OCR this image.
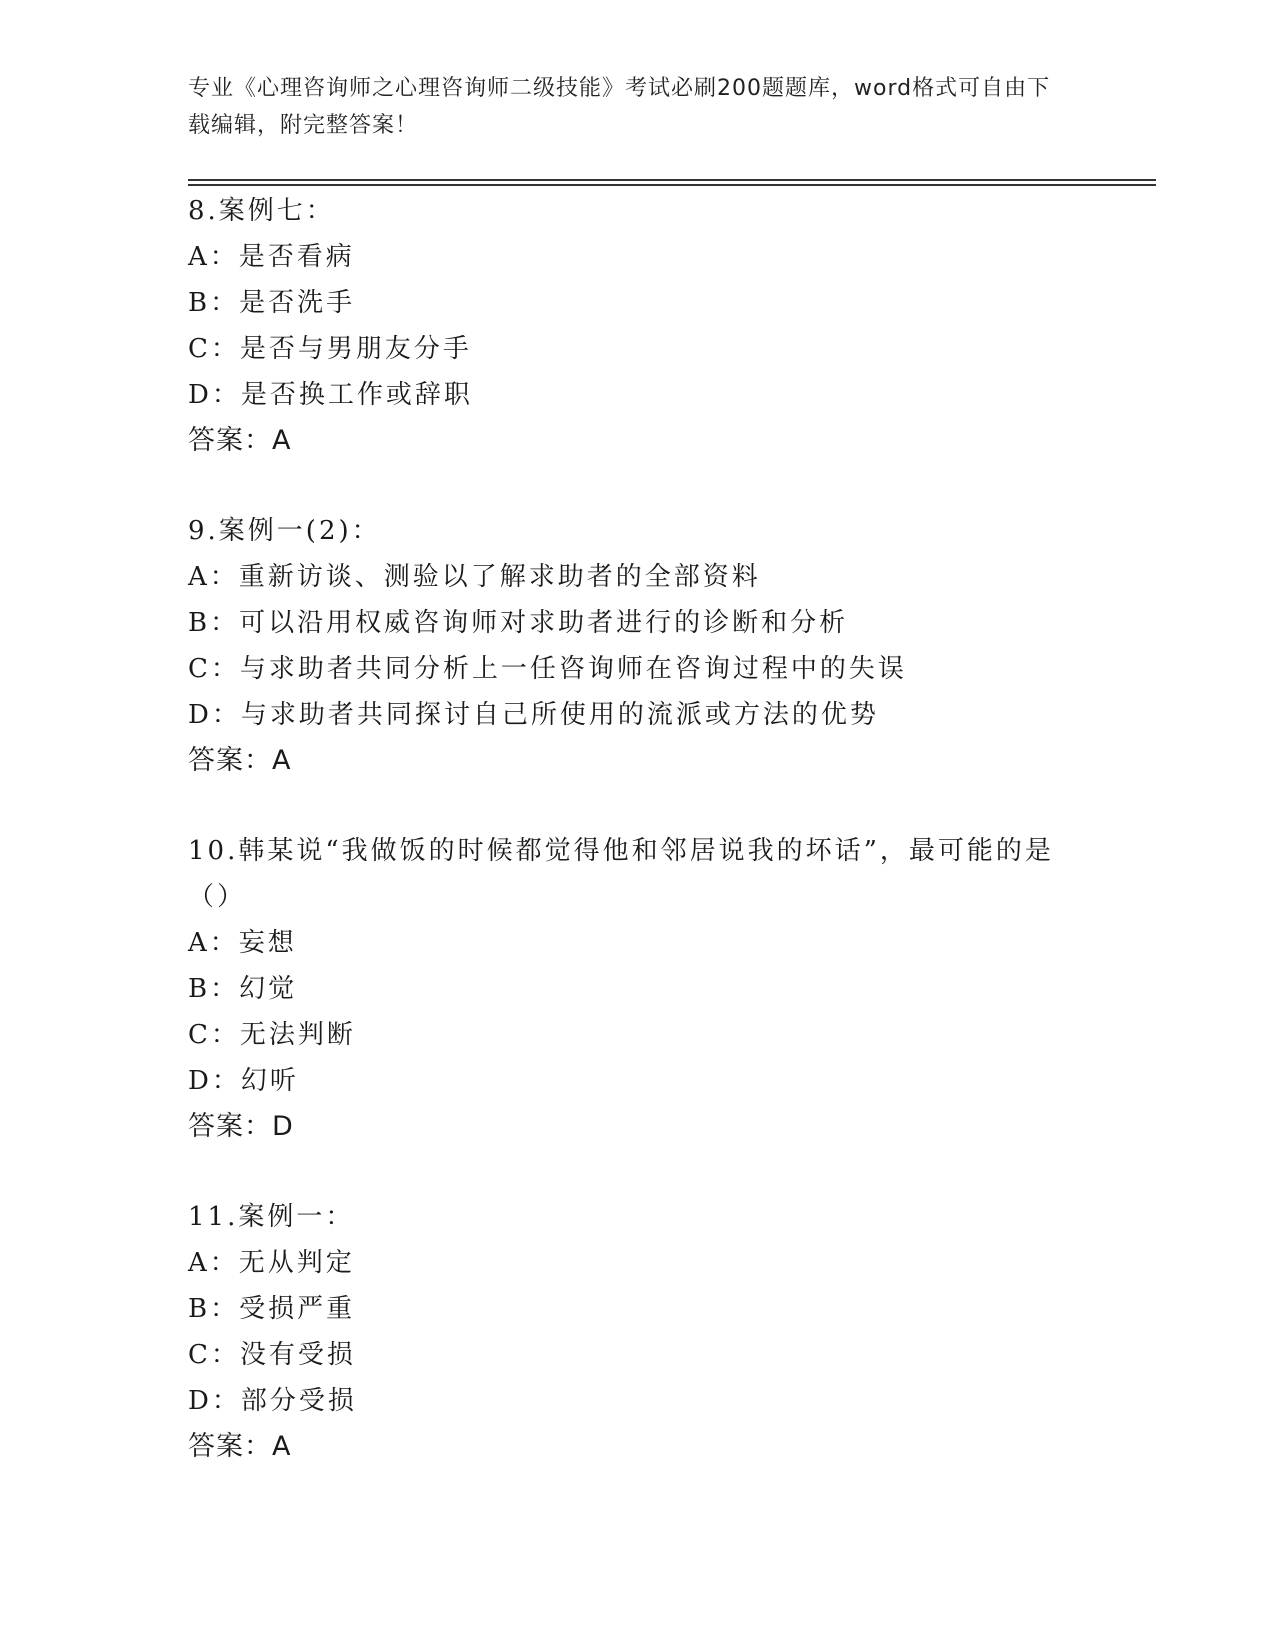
专业《心理咨询师之心理咨询师二级技能》考试必刷200题题库，word格式可自由下载编辑，附完整答案！
8.案例七：
A：是否看病
B：是否洗手
C：是否与男朋友分手
D：是否换工作或辞职
答案：A
9.案例一(2)：
A：重新访谈、测验以了解求助者的全部资料
B：可以沿用权威咨询师对求助者进行的诊断和分析
C：与求助者共同分析上一任咨询师在咨询过程中的失误
D：与求助者共同探讨自己所使用的流派或方法的优势
答案：A
10.韩某说“我做饭的时候都觉得他和邻居说我的坏话”，最可能的是（）
A：妄想
B：幻觉
C：无法判断
D：幻听
答案：D
11.案例一：
A：无从判定
B：受损严重
C：没有受损
D：部分受损
答案：A
